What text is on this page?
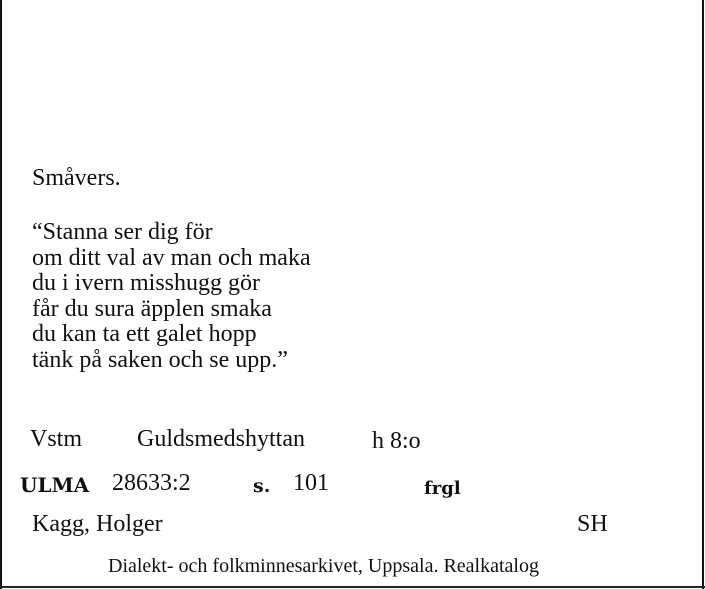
Småvers.
“Stanna ser dig för
om ditt val av man och maka
du i ivern misshugg gör
får du sura äpplen smaka
du kan ta ett galet hopp
tänk på saken och se upp.”
Vstm Guldsmedshyttan	h 8:o
ULMA 28633:2	s. 101	frgl
Kagg, Holger	SH
Dialekt- och folkminnesarkivet, Uppsala. Realkatalog
